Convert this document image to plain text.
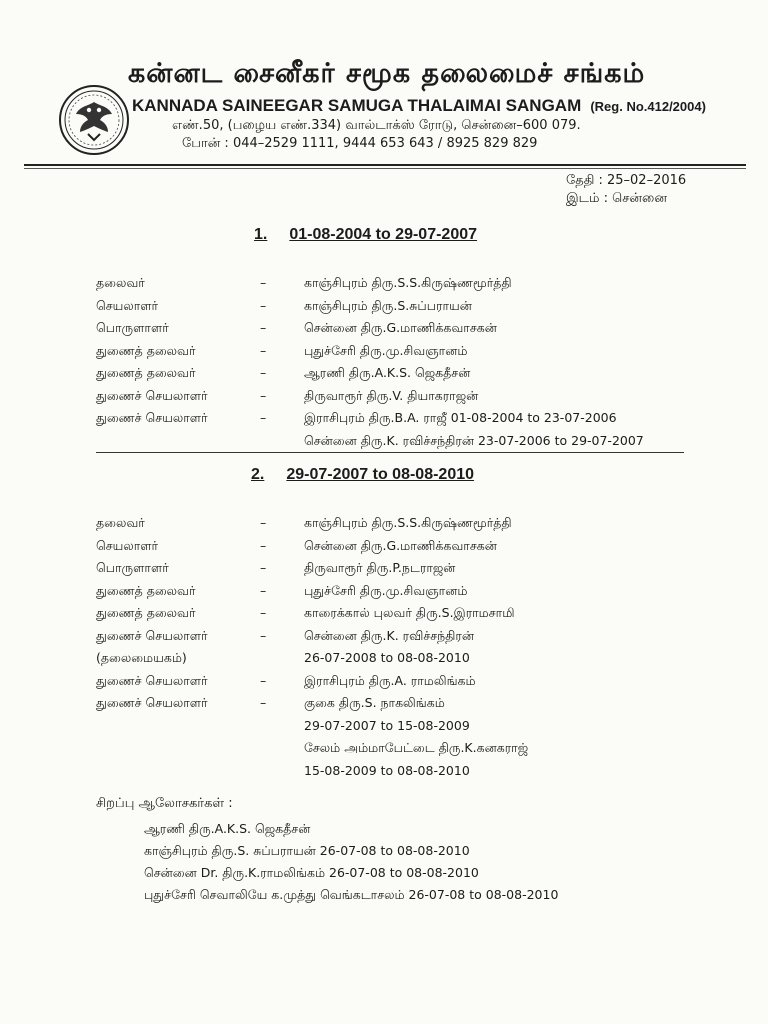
கன்னட சைனீகர் சமூக தலைமைச் சங்கம்
KANNADA SAINEEGAR SAMUGA THALAIMAI SANGAM (Reg. No.412/2004)
எண்.50, (பழைய எண்.334) வால்டாக்ஸ் ரோடு, சென்னை–600 079.
போன் : 044–2529 1111, 9444 653 643 / 8925 829 829
தேதி : 25–02–2016
இடம் : சென்னை
1. 01-08-2004 to 29-07-2007
தலைவர்	–	காஞ்சிபுரம் திரு.S.S.கிருஷ்ணமூர்த்தி
செயலாளர்	–	காஞ்சிபுரம் திரு.S.சுப்பராயன்
பொருளாளர்	–	சென்னை திரு.G.மாணிக்கவாசகன்
துணைத் தலைவர்	–	புதுச்சேரி திரு.மு.சிவஞானம்
துணைத் தலைவர்	–	ஆரணி திரு.A.K.S. ஜெகதீசன்
துணைச் செயலாளர்	–	திருவாரூர் திரு.V. தியாகராஜன்
துணைச் செயலாளர்	–	இராசிபுரம் திரு.B.A. ராஜீ 01-08-2004 to 23-07-2006
சென்னை திரு.K. ரவிச்சந்திரன் 23-07-2006 to 29-07-2007
2. 29-07-2007 to 08-08-2010
தலைவர்	–	காஞ்சிபுரம் திரு.S.S.கிருஷ்ணமூர்த்தி
செயலாளர்	–	சென்னை திரு.G.மாணிக்கவாசகன்
பொருளாளர்	–	திருவாரூர் திரு.P.நடராஜன்
துணைத் தலைவர்	–	புதுச்சேரி திரு.மு.சிவஞானம்
துணைத் தலைவர்	–	காரைக்கால் புலவர் திரு.S.இராமசாமி
துணைச் செயலாளர்	–	சென்னை திரு.K. ரவிச்சந்திரன்
(தலைமையகம்)	26-07-2008 to 08-08-2010
துணைச் செயலாளர்	–	இராசிபுரம் திரு.A. ராமலிங்கம்
துணைச் செயலாளர்	–	குகை திரு.S. நாகலிங்கம்
29-07-2007 to 15-08-2009
சேலம் அம்மாபேட்டை திரு.K.கனகராஜ்
15-08-2009 to 08-08-2010
சிறப்பு ஆலோசகர்கள் :
ஆரணி திரு.A.K.S. ஜெகதீசன்
காஞ்சிபுரம் திரு.S. சுப்பராயன் 26-07-08 to 08-08-2010
சென்னை Dr. திரு.K.ராமலிங்கம் 26-07-08 to 08-08-2010
புதுச்சேரி செவாலியே க.முத்து வெங்கடாசலம் 26-07-08 to 08-08-2010
